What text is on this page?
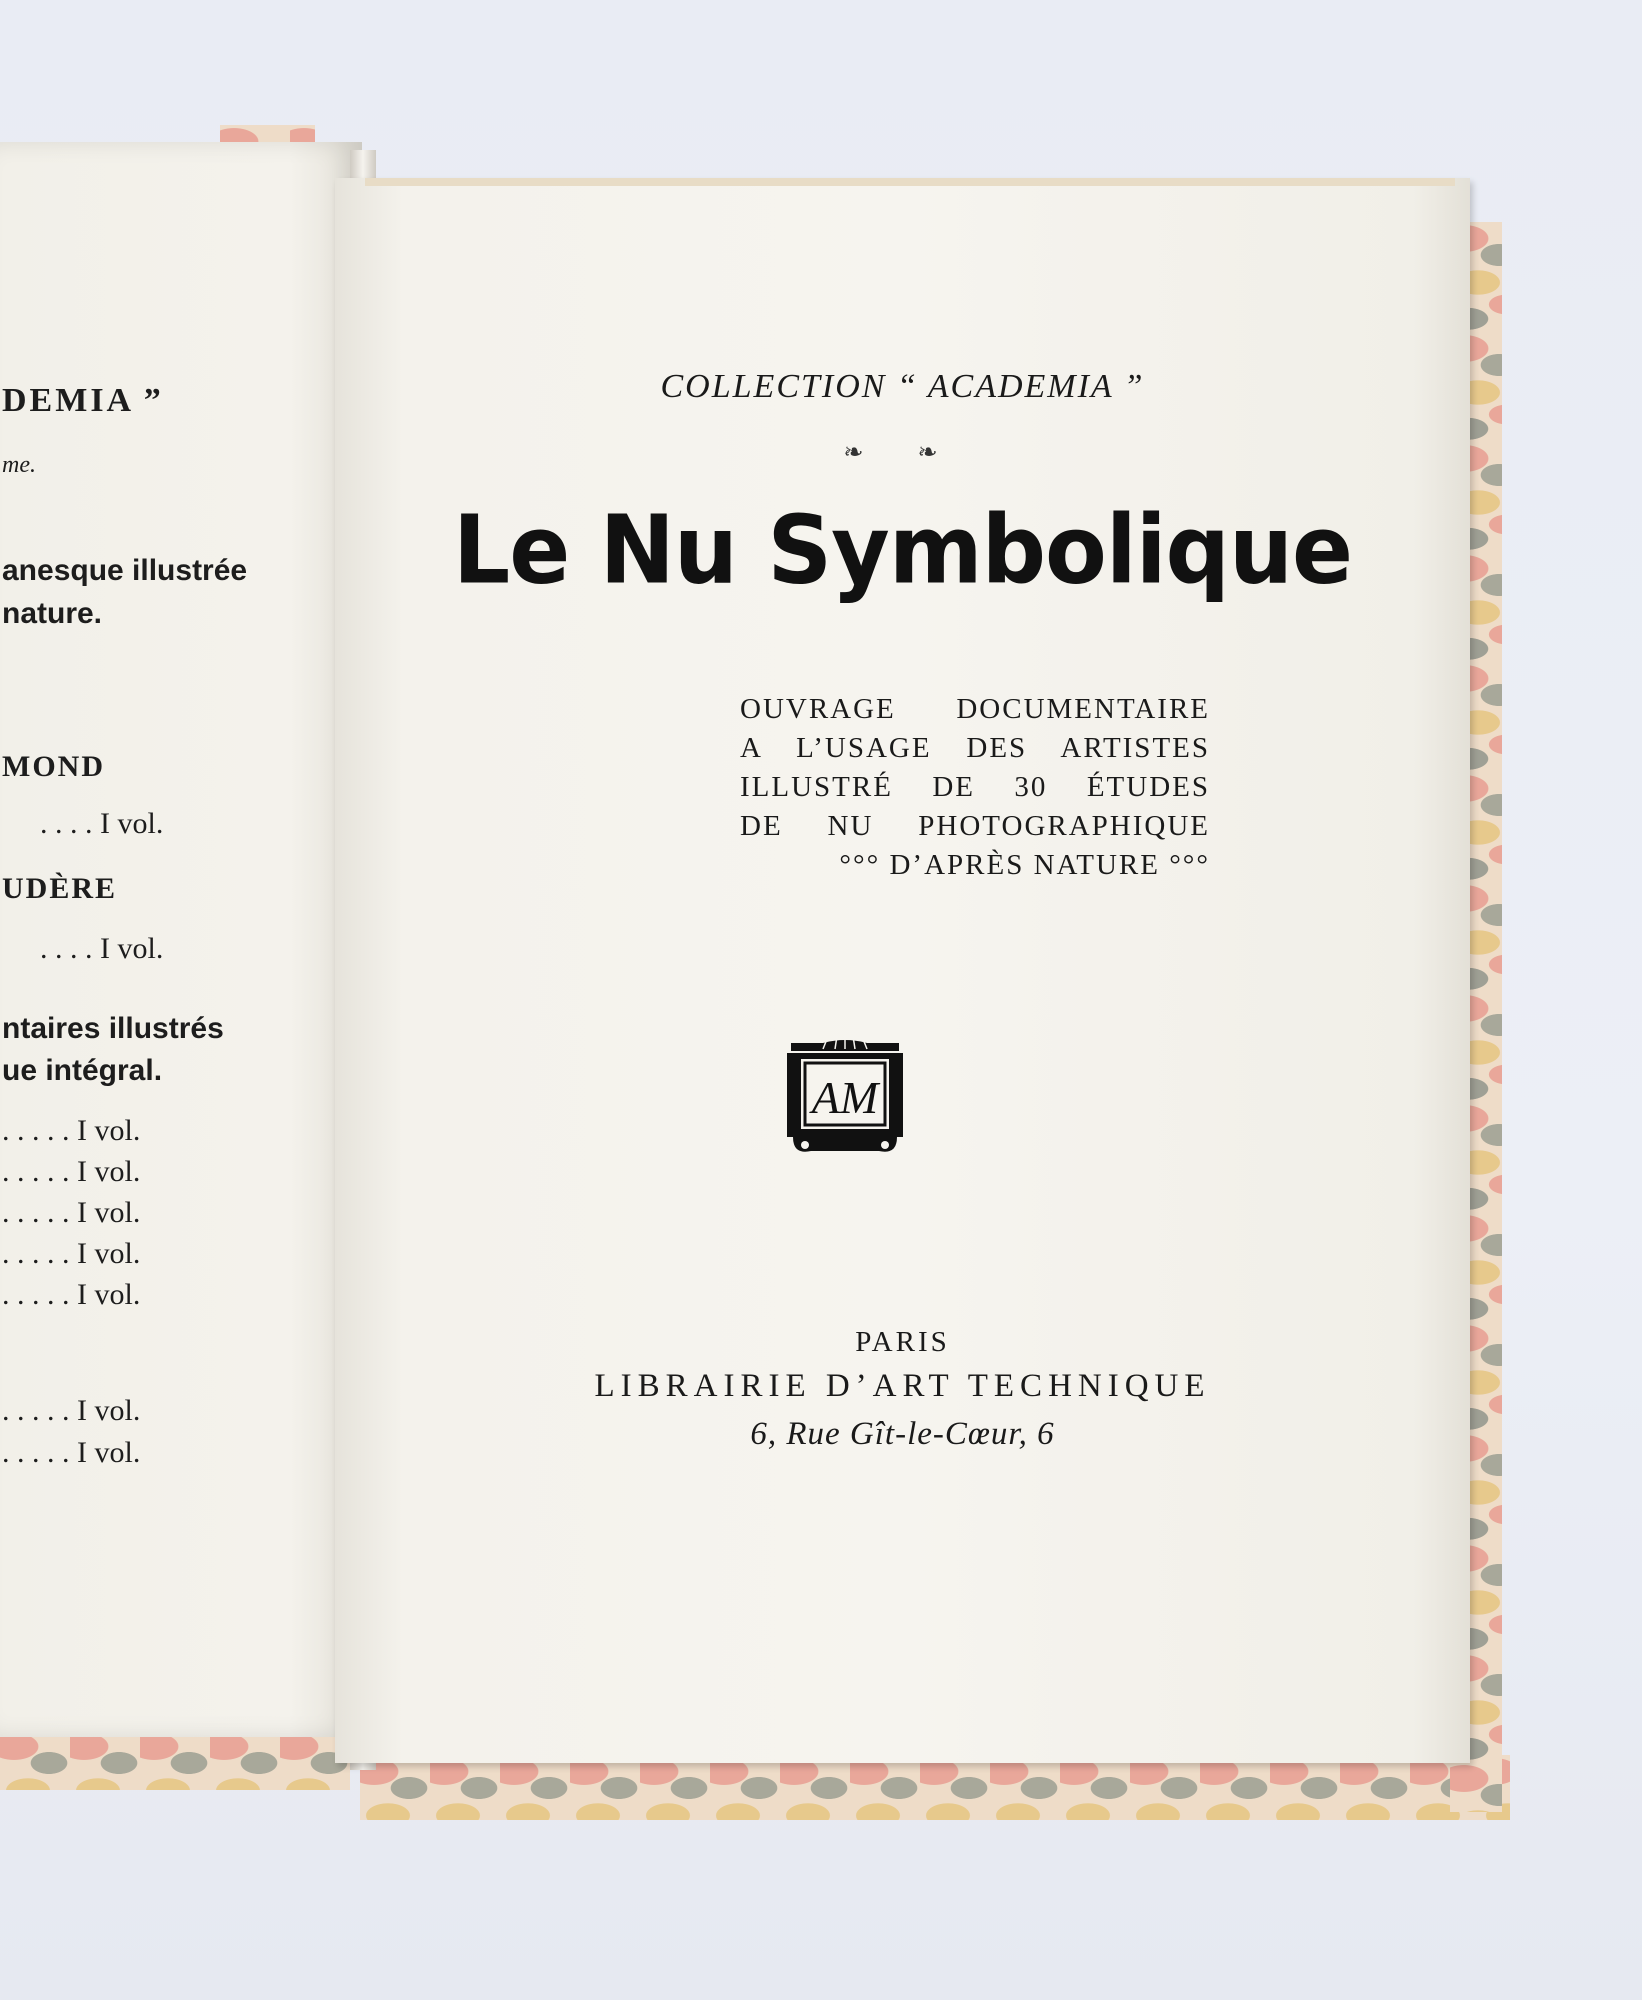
DEMIA ”
me.
anesque illustrée
nature.
MOND
. . . . I vol.
UDÈRE
. . . . I vol.
ntaires illustrés
ue intégral.
. . . . . I vol.
. . . . . I vol.
. . . . . I vol.
. . . . . I vol.
. . . . . I vol.
. . . . . I vol.
. . . . . I vol.
COLLECTION “ ACADEMIA ”
❧ ❧
Le Nu Symbolique
OUVRAGE DOCUMENTAIRE
A L’USAGE DES ARTISTES
ILLUSTRÉ DE 30 ÉTUDES
DE NU PHOTOGRAPHIQUE
°°° D’APRÈS NATURE °°°
AM
PARIS
LIBRAIRIE D’ART TECHNIQUE
6, Rue Gît-le-Cœur, 6
